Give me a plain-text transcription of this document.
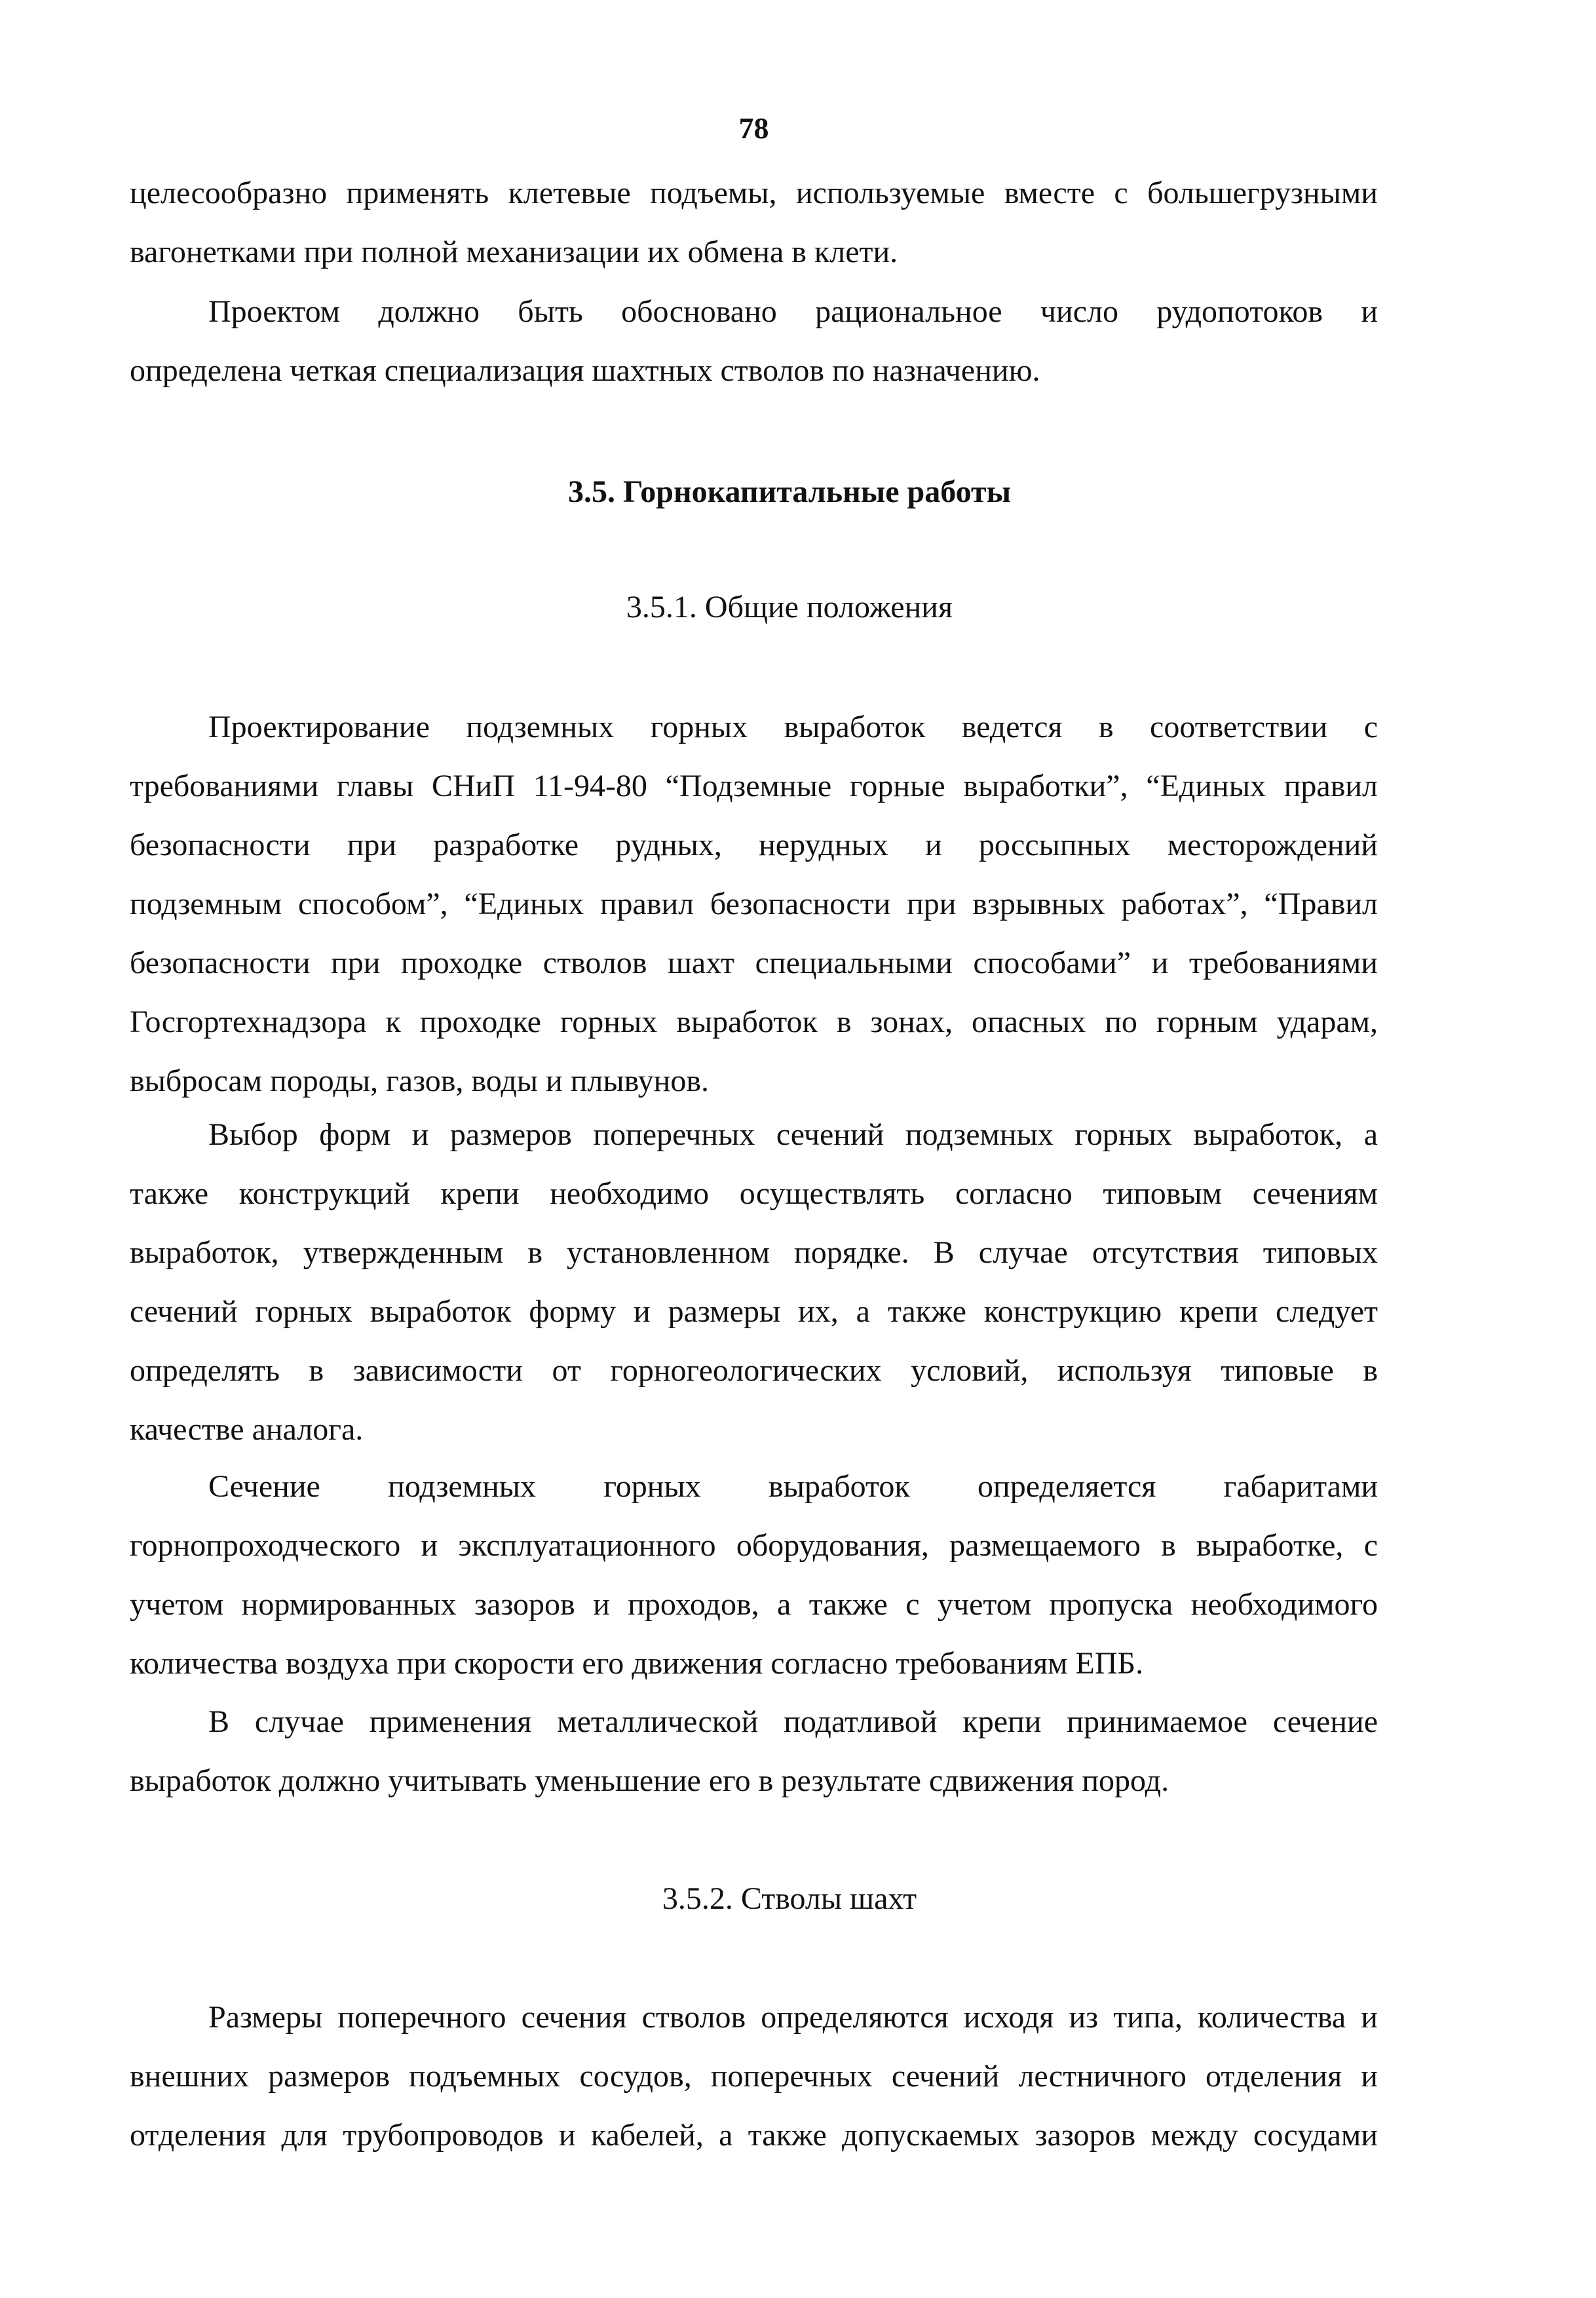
78
целесообразно применять клетевые подъемы, используемые вместе с большегрузными
вагонетками при полной механизации их обмена в клети.
Проектом должно быть обосновано рациональное число рудопотоков и
определена четкая специализация шахтных стволов по назначению.
3.5. Горнокапитальные работы
3.5.1. Общие положения
Проектирование подземных горных выработок ведется в соответствии с
требованиями главы СНиП 11-94-80 “Подземные горные выработки”, “Единых правил
безопасности при разработке рудных, нерудных и россыпных месторождений
подземным способом”, “Единых правил безопасности при взрывных работах”, “Правил
безопасности при проходке стволов шахт специальными способами” и требованиями
Госгортехнадзора к проходке горных выработок в зонах, опасных по горным ударам,
выбросам породы, газов, воды и плывунов.
Выбор форм и размеров поперечных сечений подземных горных выработок, а
также конструкций крепи необходимо осуществлять согласно типовым сечениям
выработок, утвержденным в установленном порядке. В случае отсутствия типовых
сечений горных выработок форму и размеры их, а также конструкцию крепи следует
определять в зависимости от горногеологических условий, используя типовые в
качестве аналога.
Сечение подземных горных выработок определяется габаритами
горнопроходческого и эксплуатационного оборудования, размещаемого в выработке, с
учетом нормированных зазоров и проходов, а также с учетом пропуска необходимого
количества воздуха при скорости его движения согласно требованиям ЕПБ.
В случае применения металлической податливой крепи принимаемое сечение
выработок должно учитывать уменьшение его в результате сдвижения пород.
3.5.2. Стволы шахт
Размеры поперечного сечения стволов определяются исходя из типа, количества и
внешних размеров подъемных сосудов, поперечных сечений лестничного отделения и
отделения для трубопроводов и кабелей, а также допускаемых зазоров между сосудами
